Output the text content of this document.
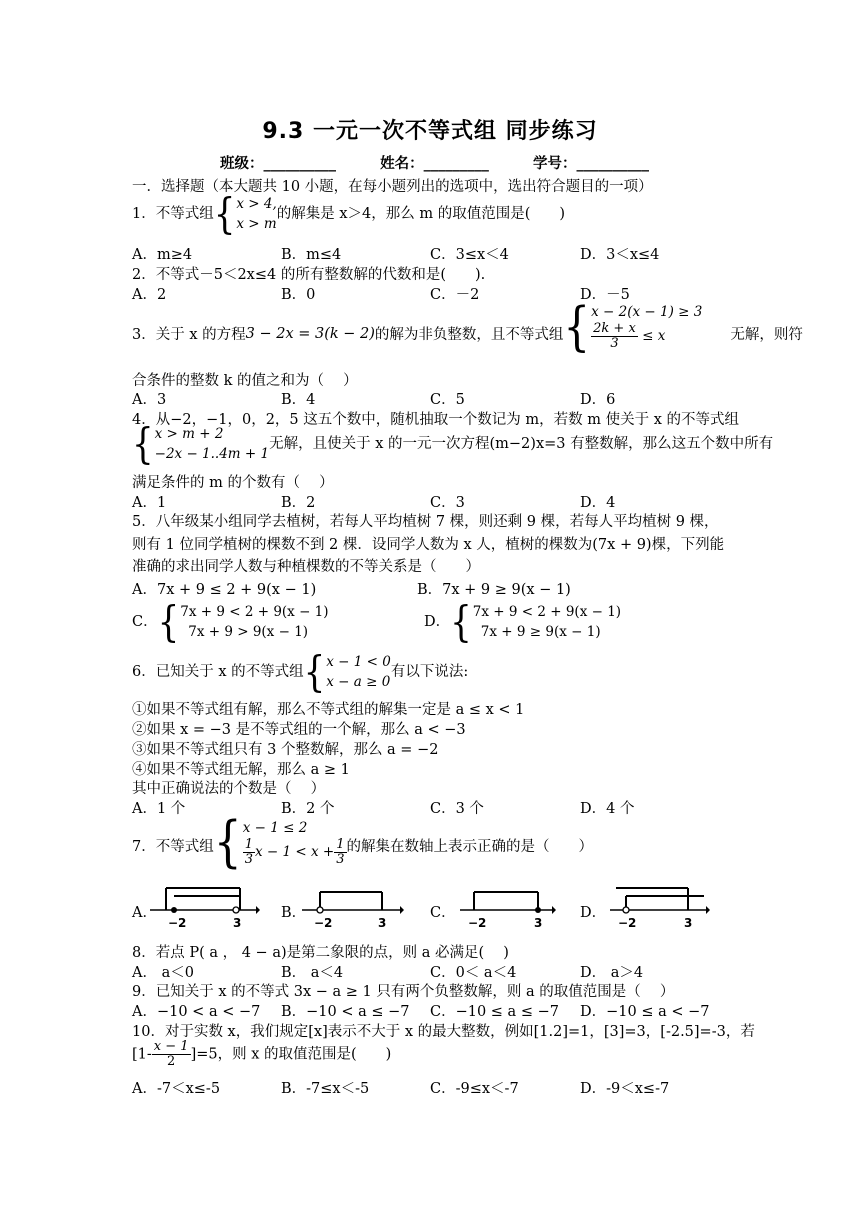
9.3 一元一次不等式组 同步练习
班级：__________	姓名：_________	学号：__________
一．选择题（本大题共 10 小题，在每小题列出的选项中，选出符合题目的一项）
1．不等式组{ x > 4,
x > m
的解集是 x＞4，那么 m 的取值范围是(　　)
A．m≥4	B．m≤4	C．3≤x＜4	D．3＜x≤4
2．不等式－5＜2x≤4 的所有整数解的代数和是(　　).
A．2	B．0	C．－2	D．－5
3．关于 x 的方程3 − 2x = 3(k − 2)的解为非负整数，且不等式组{ x − 2(x − 1) ≥ 3
$\frac{2k + x}{3} \le x$	无解，则符
合条件的整数 k 的值之和为（　 ）
A．3	B．4	C．5	D．6
4．从−2，−1，0，2，5 这五个数中，随机抽取一个数记为 m，若数 m 使关于 x 的不等式组
{ x > m + 2
−2x − 1..4m + 1
无解，且使关于 x 的一元一次方程(m−2)x=3 有整数解，那么这五个数中所有
满足条件的 m 的个数有（　 ）
A．1	B．2	C．3	D．4
5．八年级某小组同学去植树，若每人平均植树 7 棵，则还剩 9 棵，若每人平均植树 9 棵，
则有 1 位同学植树的棵数不到 2 棵．设同学人数为 x 人，植树的棵数为(7x + 9)棵，下列能
准确的求出同学人数与种植棵数的不等关系是（　　）
A．7x + 9 ≤ 2 + 9(x − 1)	B．7x + 9 ≥ 9(x − 1)
C．{ 7x + 9 < 2 + 9(x − 1)
7x + 9 > 9(x − 1)
D．{ 7x + 9 < 2 + 9(x − 1)
7x + 9 ≥ 9(x − 1)
6．已知关于 x 的不等式组{ x − 1 < 0
x − a ≥ 0
有以下说法:
①如果不等式组有解，那么不等式组的解集一定是 a ≤ x < 1
②如果 x = −3 是不等式组的一个解，那么 a < −3
③如果不等式组只有 3 个整数解，那么 a = −2
④如果不等式组无解，那么 a ≥ 1
其中正确说法的个数是（　 ）
A．1 个	B．2 个	C．3 个	D．4 个
7．不等式组{ x − 1 ≤ 2
$\frac{1}{3}$ $x - 1 < x + \frac{1}{3}$ 的解集在数轴上表示正确的是（　　）
A．
−2	3
B．
−2	3
C．
−2	3
D．
−2	3
8．若点 P( a ， 4 − a)是第二象限的点，则 a 必满足(　 )
A． a＜0	B． a＜4	C．0＜ a＜4	D． a＞4
9．已知关于 x 的不等式 3x − a ≥ 1 只有两个负整数解，则 a 的取值范围是（　 ）
A．−10 < a < −7 B．−10 < a ≤ −7 C．−10 ≤ a ≤ −7 D．−10 ≤ a < −7
10．对于实数 x，我们规定[x]表示不大于 x 的最大整数，例如[1.2]=1，[3]=3，[-2.5]=-3，若
$[1- \frac{x - 1}{2} ]=5$，则 x 的取值范围是(　　)
A．-7＜x≤-5	B．-7≤x＜-5	C．-9≤x＜-7	D．-9＜x≤-7
